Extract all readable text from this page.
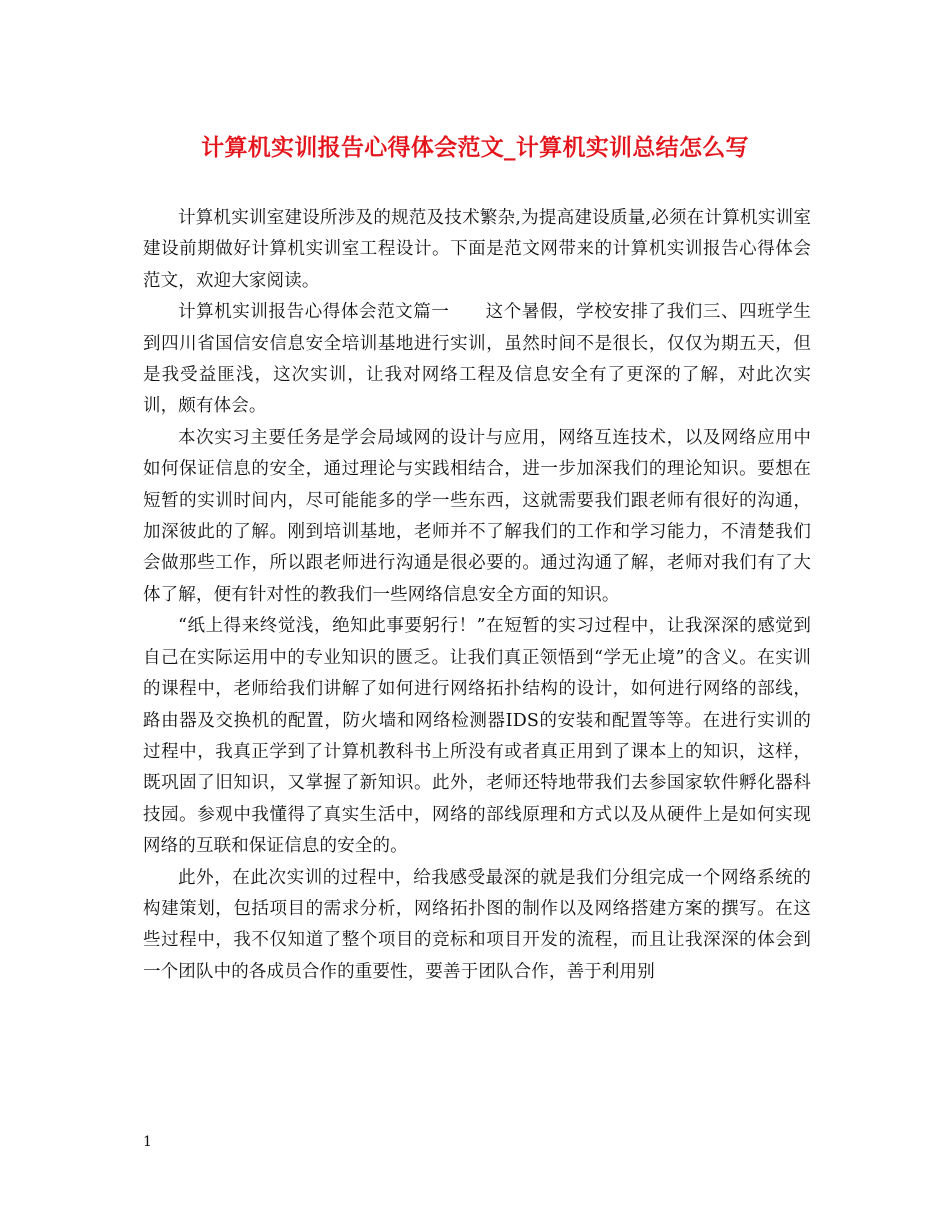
计算机实训报告心得体会范文_计算机实训总结怎么写

计算机实训室建设所涉及的规范及技术繁杂,为提高建设质量,必须在计算机实训室建设前期做好计算机实训室工程设计。下面是范文网带来的计算机实训报告心得体会范文，欢迎大家阅读。

计算机实训报告心得体会范文篇一　　这个暑假，学校安排了我们三、四班学生到四川省国信安信息安全培训基地进行实训，虽然时间不是很长，仅仅为期五天，但是我受益匪浅，这次实训，让我对网络工程及信息安全有了更深的了解，对此次实训，颇有体会。

本次实习主要任务是学会局域网的设计与应用，网络互连技术，以及网络应用中如何保证信息的安全，通过理论与实践相结合，进一步加深我们的理论知识。要想在短暂的实训时间内，尽可能能多的学一些东西，这就需要我们跟老师有很好的沟通，加深彼此的了解。刚到培训基地，老师并不了解我们的工作和学习能力，不清楚我们会做那些工作，所以跟老师进行沟通是很必要的。通过沟通了解，老师对我们有了大体了解，便有针对性的教我们一些网络信息安全方面的知识。

“纸上得来终觉浅，绝知此事要躬行！”在短暂的实习过程中，让我深深的感觉到自己在实际运用中的专业知识的匮乏。让我们真正领悟到“学无止境”的含义。在实训的课程中，老师给我们讲解了如何进行网络拓扑结构的设计，如何进行网络的部线，路由器及交换机的配置，防火墙和网络检测器IDS的安装和配置等等。在进行实训的过程中，我真正学到了计算机教科书上所没有或者真正用到了课本上的知识，这样，既巩固了旧知识，又掌握了新知识。此外，老师还特地带我们去参国家软件孵化器科技园。参观中我懂得了真实生活中，网络的部线原理和方式以及从硬件上是如何实现网络的互联和保证信息的安全的。

此外，在此次实训的过程中，给我感受最深的就是我们分组完成一个网络系统的构建策划，包括项目的需求分析，网络拓扑图的制作以及网络搭建方案的撰写。在这些过程中，我不仅知道了整个项目的竞标和项目开发的流程，而且让我深深的体会到一个团队中的各成员合作的重要性，要善于团队合作，善于利用别

1
